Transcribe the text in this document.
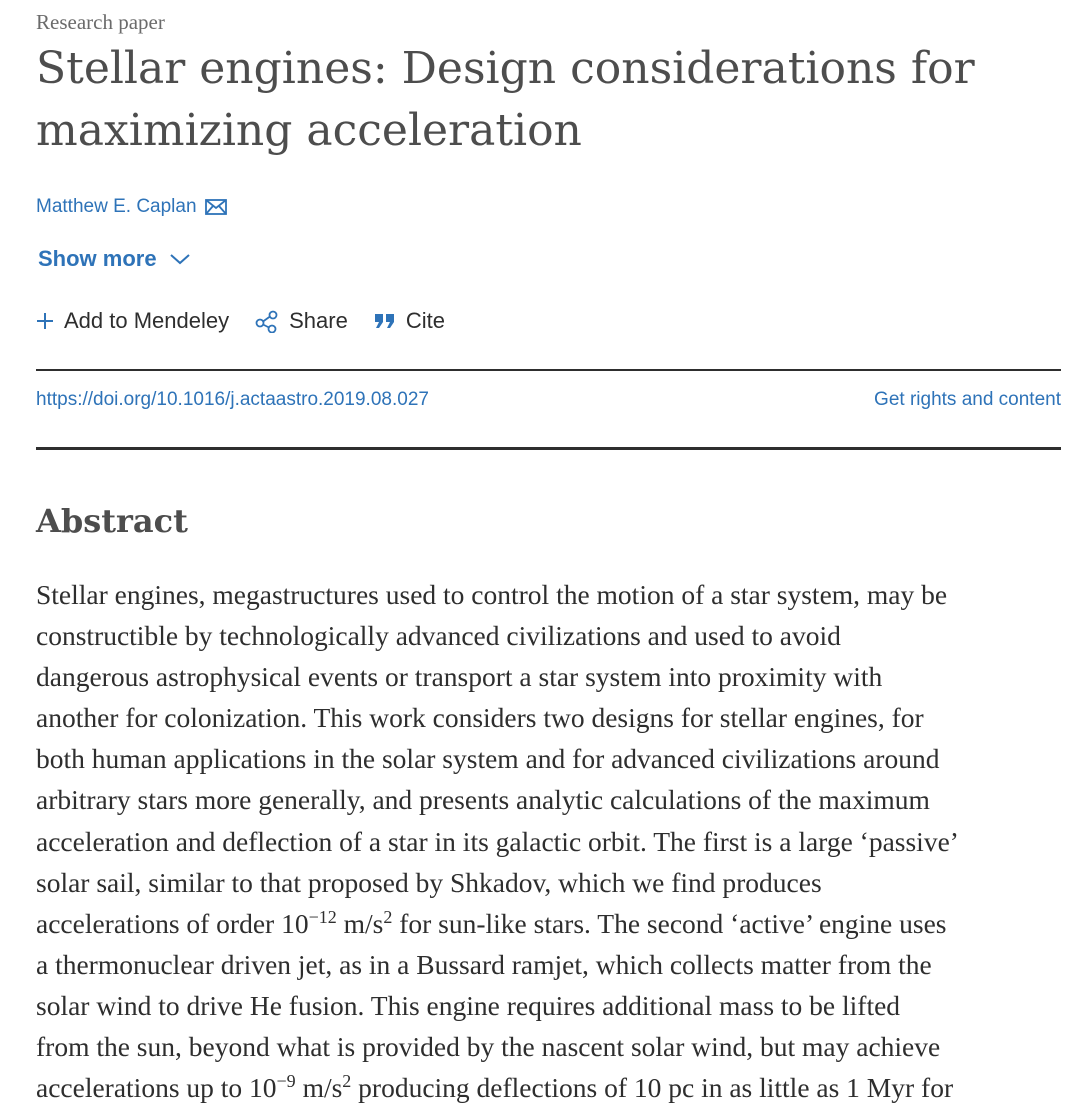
Research paper

Stellar engines: Design considerations for maximizing acceleration
Matthew E. Caplan
Show more
Add to Mendeley	Share	Cite
https://doi.org/10.1016/j.actaastro.2019.08.027	Get rights and content
Abstract

Stellar engines, megastructures used to control the motion of a star system, may be
constructible by technologically advanced civilizations and used to avoid
dangerous astrophysical events or transport a star system into proximity with
another for colonization. This work considers two designs for stellar engines, for
both human applications in the solar system and for advanced civilizations around
arbitrary stars more generally, and presents analytic calculations of the maximum
acceleration and deflection of a star in its galactic orbit. The first is a large ‘passive’
solar sail, similar to that proposed by Shkadov, which we find produces
accelerations of order $10^{-12}$ $m/s^2$ for sun-like stars. The second ‘active’ engine uses
a thermonuclear driven jet, as in a Bussard ramjet, which collects matter from the
solar wind to drive He fusion. This engine requires additional mass to be lifted
from the sun, beyond what is provided by the nascent solar wind, but may achieve
accelerations up to $10^{-9}$ $m/s^2$ producing deflections of 10 pc in as little as 1 Myr for
